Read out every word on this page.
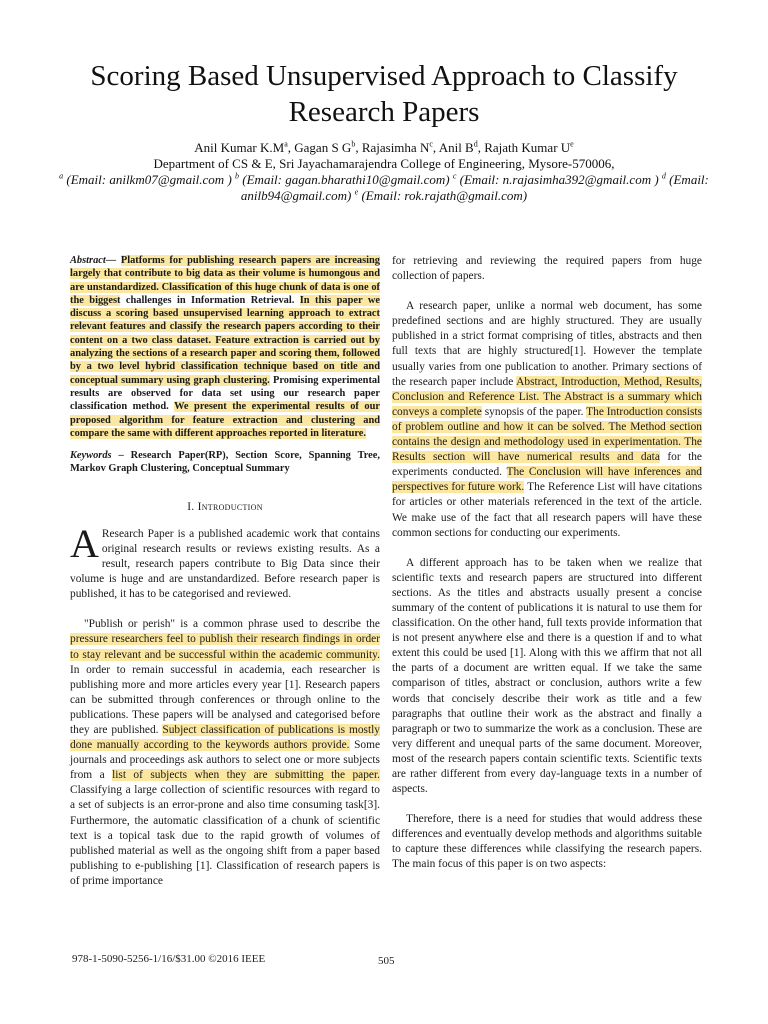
Scoring Based Unsupervised Approach to Classify Research Papers
Anil Kumar $K.M^a$, Gagan S $G^b$, Rajasimha $N^c$, Anil $B^d$, Rajath Kumar $U^e$
Department of CS & E, Sri Jayachamarajendra College of Engineering, Mysore-570006,
$^a$ (Email: anilkm07@gmail.com ) $^b$ (Email: gagan.bharathi10@gmail.com) $^c$ (Email: n.rajasimha392@gmail.com ) $^d$ (Email: anilb94@gmail.com) $^e$ (Email: rok.rajath@gmail.com)

Abstract— Platforms for publishing research papers are increasing largely that contribute to big data as their volume is humongous and are unstandardized. Classification of this huge chunk of data is one of the biggest challenges in Information Retrieval. In this paper we discuss a scoring based unsupervised learning approach to extract relevant features and classify the research papers according to their content on a two class dataset. Feature extraction is carried out by analyzing the sections of a research paper and scoring them, followed by a two level hybrid classification technique based on title and conceptual summary using graph clustering. Promising experimental results are observed for data set using our research paper classification method. We present the experimental results of our proposed algorithm for feature extraction and clustering and compare the same with different approaches reported in literature.

Keywords – Research Paper(RP), Section Score, Spanning Tree, Markov Graph Clustering, Conceptual Summary

I. Introduction

A Research Paper is a published academic work that contains original research results or reviews existing results. As a result, research papers contribute to Big Data since their volume is huge and are unstandardized. Before research paper is published, it has to be categorised and reviewed.

"Publish or perish" is a common phrase used to describe the pressure researchers feel to publish their research findings in order to stay relevant and be successful within the academic community. In order to remain successful in academia, each researcher is publishing more and more articles every year [1]. Research papers can be submitted through conferences or through online to the publications. These papers will be analysed and categorised before they are published. Subject classification of publications is mostly done manually according to the keywords authors provide. Some journals and proceedings ask authors to select one or more subjects from a list of subjects when they are submitting the paper. Classifying a large collection of scientific resources with regard to a set of subjects is an error-prone and also time consuming task[3]. Furthermore, the automatic classification of a chunk of scientific text is a topical task due to the rapid growth of volumes of published material as well as the ongoing shift from a paper based publishing to e-publishing [1]. Classification of research papers is of prime importance

for retrieving and reviewing the required papers from huge collection of papers.

A research paper, unlike a normal web document, has some predefined sections and are highly structured. They are usually published in a strict format comprising of titles, abstracts and then full texts that are highly structured[1]. However the template usually varies from one publication to another. Primary sections of the research paper include Abstract, Introduction, Method, Results, Conclusion and Reference List. The Abstract is a summary which conveys a complete synopsis of the paper. The Introduction consists of problem outline and how it can be solved. The Method section contains the design and methodology used in experimentation. The Results section will have numerical results and data for the experiments conducted. The Conclusion will have inferences and perspectives for future work. The Reference List will have citations for articles or other materials referenced in the text of the article. We make use of the fact that all research papers will have these common sections for conducting our experiments.

A different approach has to be taken when we realize that scientific texts and research papers are structured into different sections. As the titles and abstracts usually present a concise summary of the content of publications it is natural to use them for classification. On the other hand, full texts provide information that is not present anywhere else and there is a question if and to what extent this could be used [1]. Along with this we affirm that not all the parts of a document are written equal. If we take the same comparison of titles, abstract or conclusion, authors write a few words that concisely describe their work as title and a few paragraphs that outline their work as the abstract and finally a paragraph or two to summarize the work as a conclusion. These are very different and unequal parts of the same document. Moreover, most of the research papers contain scientific texts. Scientific texts are rather different from every day-language texts in a number of aspects.

Therefore, there is a need for studies that would address these differences and eventually develop methods and algorithms suitable to capture these differences while classifying the research papers. The main focus of this paper is on two aspects:

978-1-5090-5256-1/16/$31.00 ©2016 IEEE	505
